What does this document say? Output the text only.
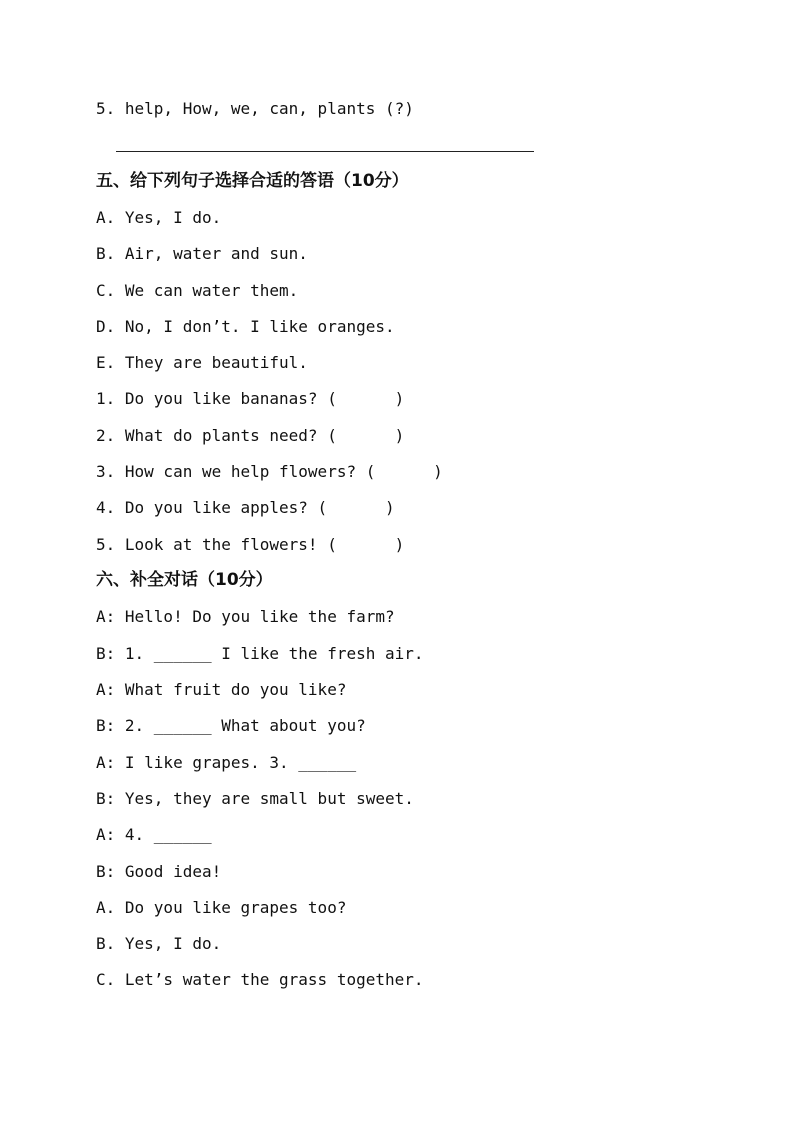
5. help, How, we, can, plants (?)
五、给下列句子选择合适的答语（10分）
A. Yes, I do.
B. Air, water and sun.
C. We can water them.
D. No, I don’t. I like oranges.
E. They are beautiful.
1. Do you like bananas? (      )
2. What do plants need? (      )
3. How can we help flowers? (      )
4. Do you like apples? (      )
5. Look at the flowers! (      )
六、补全对话（10分）
A: Hello! Do you like the farm?
B: 1. ______ I like the fresh air.
A: What fruit do you like?
B: 2. ______ What about you?
A: I like grapes. 3. ______
B: Yes, they are small but sweet.
A: 4. ______
B: Good idea!
A. Do you like grapes too?
B. Yes, I do.
C. Let’s water the grass together.
